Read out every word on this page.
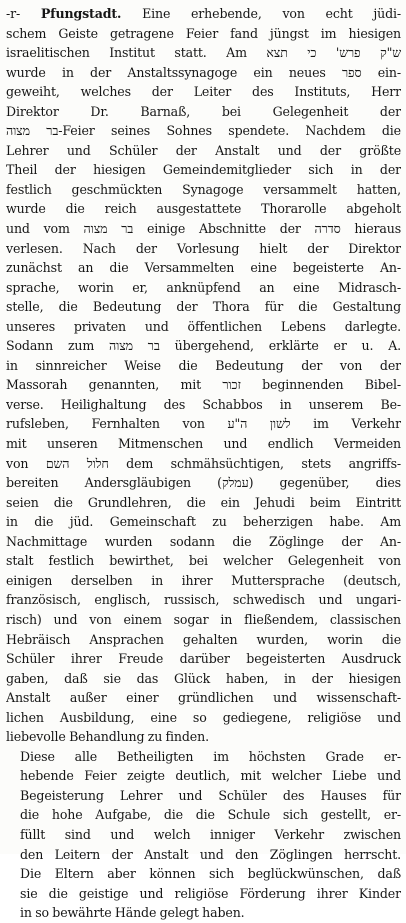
-r- Pfungstadt. Eine erhebende, von echt jüdi-
schem Geiste getragene Feier fand jüngst im hiesigen
israelitischen Institut statt. Am ש"ק פרש' כי תצא
wurde in der Anstaltssynagoge ein neues ספר ein-
geweiht, welches der Leiter des Instituts, Herr
Direktor Dr. Barnaß, bei Gelegenheit der
בר מצוה-Feier seines Sohnes spendete. Nachdem die
Lehrer und Schüler der Anstalt und der größte
Theil der hiesigen Gemeindemitglieder sich in der
festlich geschmückten Synagoge versammelt hatten,
wurde die reich ausgestattete Thorarolle abgeholt
und vom בר מצוה einige Abschnitte der סדרה hieraus
verlesen. Nach der Vorlesung hielt der Direktor
zunächst an die Versammelten eine begeisterte An-
sprache, worin er, anknüpfend an eine Midrasch-
stelle, die Bedeutung der Thora für die Gestaltung
unseres privaten und öffentlichen Lebens darlegte.
Sodann zum בר מצוה übergehend, erklärte er u. A.
in sinnreicher Weise die Bedeutung der von der
Massorah genannten, mit זכור beginnenden Bibel-
verse. Heilighaltung des Schabbos in unserem Be-
rufsleben, Fernhalten von לשון ה"ע im Verkehr
mit unseren Mitmenschen und endlich Vermeiden
von חלול השם dem schmähsüchtigen, stets angriffs-
bereiten Andersgläubigen (עמלק) gegenüber, dies
seien die Grundlehren, die ein Jehudi beim Eintritt
in die jüd. Gemeinschaft zu beherzigen habe. Am
Nachmittage wurden sodann die Zöglinge der An-
stalt festlich bewirthet, bei welcher Gelegenheit von
einigen derselben in ihrer Muttersprache (deutsch,
französisch, englisch, russisch, schwedisch und ungari-
risch) und von einem sogar in fließendem, classischen
Hebräisch Ansprachen gehalten wurden, worin die
Schüler ihrer Freude darüber begeisterten Ausdruck
gaben, daß sie das Glück haben, in der hiesigen
Anstalt außer einer gründlichen und wissenschaft-
lichen Ausbildung, eine so gediegene, religiöse und
liebevolle Behandlung zu finden.
Diese alle Betheiligten im höchsten Grade er-
hebende Feier zeigte deutlich, mit welcher Liebe und
Begeisterung Lehrer und Schüler des Hauses für
die hohe Aufgabe, die die Schule sich gestellt, er-
füllt sind und welch inniger Verkehr zwischen
den Leitern der Anstalt und den Zöglingen herrscht.
Die Eltern aber können sich beglückwünschen, daß
sie die geistige und religiöse Förderung ihrer Kinder
in so bewährte Hände gelegt haben.
